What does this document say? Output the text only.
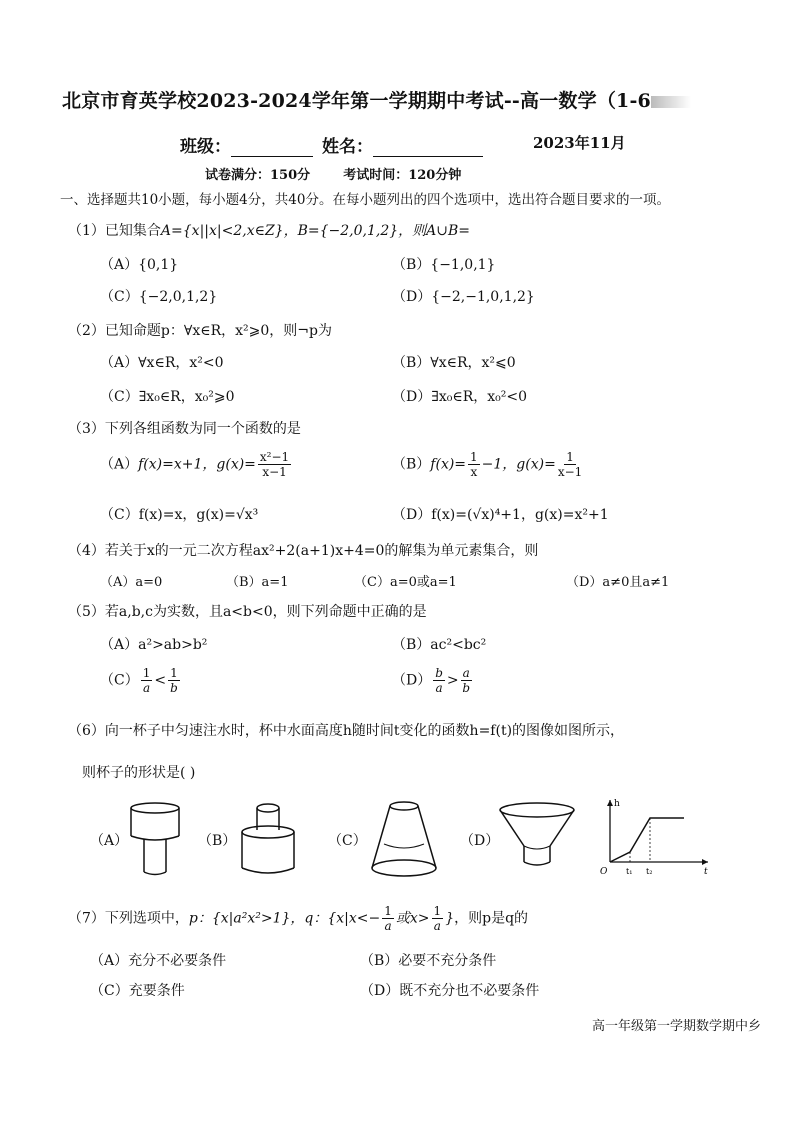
北京市育英学校2023-2024学年第一学期期中考试--高一数学（1-6
班级：	姓名：	2023年11月
试卷满分：150分	考试时间：120分钟
一、选择题共10小题，每小题4分，共40分。在每小题列出的四个选项中，选出符合题目要求的一项。
（1）已知集合A={x||x|<2,x∈Z}，B={−2,0,1,2}，则A∪B=
（A）{0,1}	（B）{−1,0,1}
（C）{−2,0,1,2}	（D）{−2,−1,0,1,2}
（2）已知命题p：∀x∈R，x²⩾0，则¬p为
（A）∀x∈R，x²<0	（B）∀x∈R，x²⩽0
（C）∃x₀∈R，x₀²⩾0	（D）∃x₀∈R，x₀²<0
（3）下列各组函数为同一个函数的是
（A）f(x)=x+1，$g(x)= \frac{\text{x²−1}}{x-1}$	$(B)f(x)= \frac{1}{x} -1$，$g(x)= \frac{1}{x-1}$
（C）f(x)=x，g(x)=√x³	（D）f(x)=(√x)⁴+1，g(x)=x²+1
（4）若关于x的一元二次方程ax²+2(a+1)x+4=0的解集为单元素集合，则
（A）a=0	（B）a=1	（C）a=0或a=1	（D）a≠0且a≠1
（5）若a,b,c为实数，且a<b<0，则下列命题中正确的是
（A）a²>ab>b²	（B）ac²<bc²
$(C) \frac{1}{a} < \frac{1}{b}$	$(D) \frac{b}{a} > \frac{a}{b}$
（6）向一杯子中匀速注水时，杯中水面高度h随时间t变化的函数h=f(t)的图像如图所示，
则杯子的形状是( )
（A）	（B）	（C）	（D）
h
t
O t₁ t₂
（7）下列选项中，p：{x|a²x²>1}，q：{$x|x<- \frac{1}{a}$ 或$x> \frac{1}{a}$ }，则p是q的
（A）充分不必要条件	（B）必要不充分条件
（C）充要条件	（D）既不充分也不必要条件
高一年级第一学期数学期中乡
